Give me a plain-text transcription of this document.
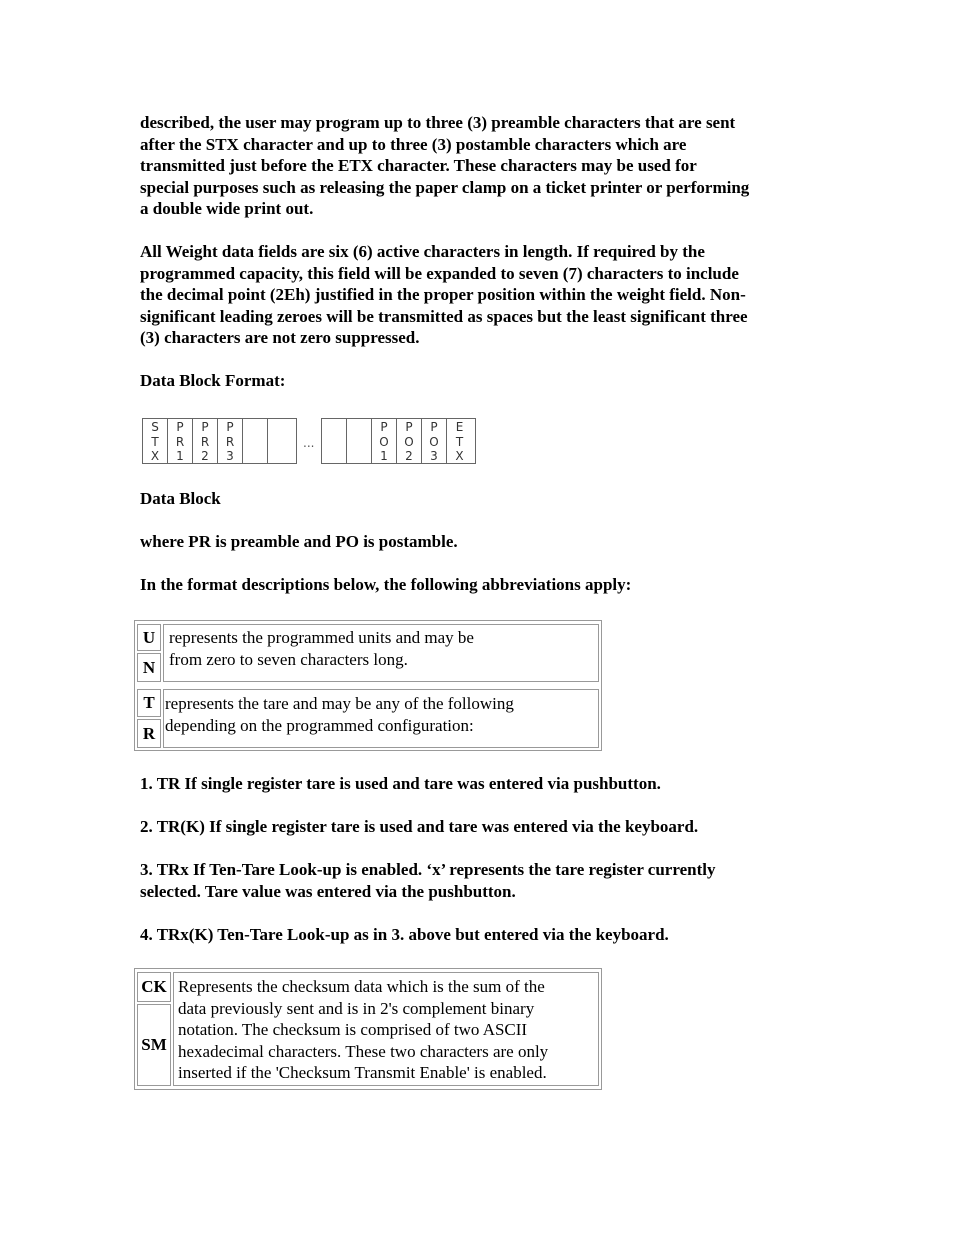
described, the user may program up to three (3) preamble characters that are sent
after the STX character and up to three (3) postamble characters which are
transmitted just before the ETX character. These characters may be used for
special purposes such as releasing the paper clamp on a ticket printer or performing
a double wide print out.

All Weight data fields are six (6) active characters in length. If required by the
programmed capacity, this field will be expanded to seven (7) characters to include
the decimal point (2Eh) justified in the proper position within the weight field. Non-
significant leading zeroes will be transmitted as spaces but the least significant three
(3) characters are not zero suppressed.

Data Block Format:

S
T
X
P
R
1
P
R
2
P
R
3
...
P
O
1
P
O
2
P
O
3
E
T
X

Data Block

where PR is preamble and PO is postamble.

In the format descriptions below, the following abbreviations apply:

U
N
represents the programmed units and may be
from zero to seven characters long.
T
R
represents the tare and may be any of the following
depending on the programmed configuration:

1. TR If single register tare is used and tare was entered via pushbutton.

2. TR(K) If single register tare is used and tare was entered via the keyboard.

3. TRx If Ten-Tare Look-up is enabled. ‘x’ represents the tare register currently
selected. Tare value was entered via the pushbutton.

4. TRx(K) Ten-Tare Look-up as in 3. above but entered via the keyboard.

CK
SM
Represents the checksum data which is the sum of the
data previously sent and is in 2's complement binary
notation. The checksum is comprised of two ASCII
hexadecimal characters. These two characters are only
inserted if the 'Checksum Transmit Enable' is enabled.
